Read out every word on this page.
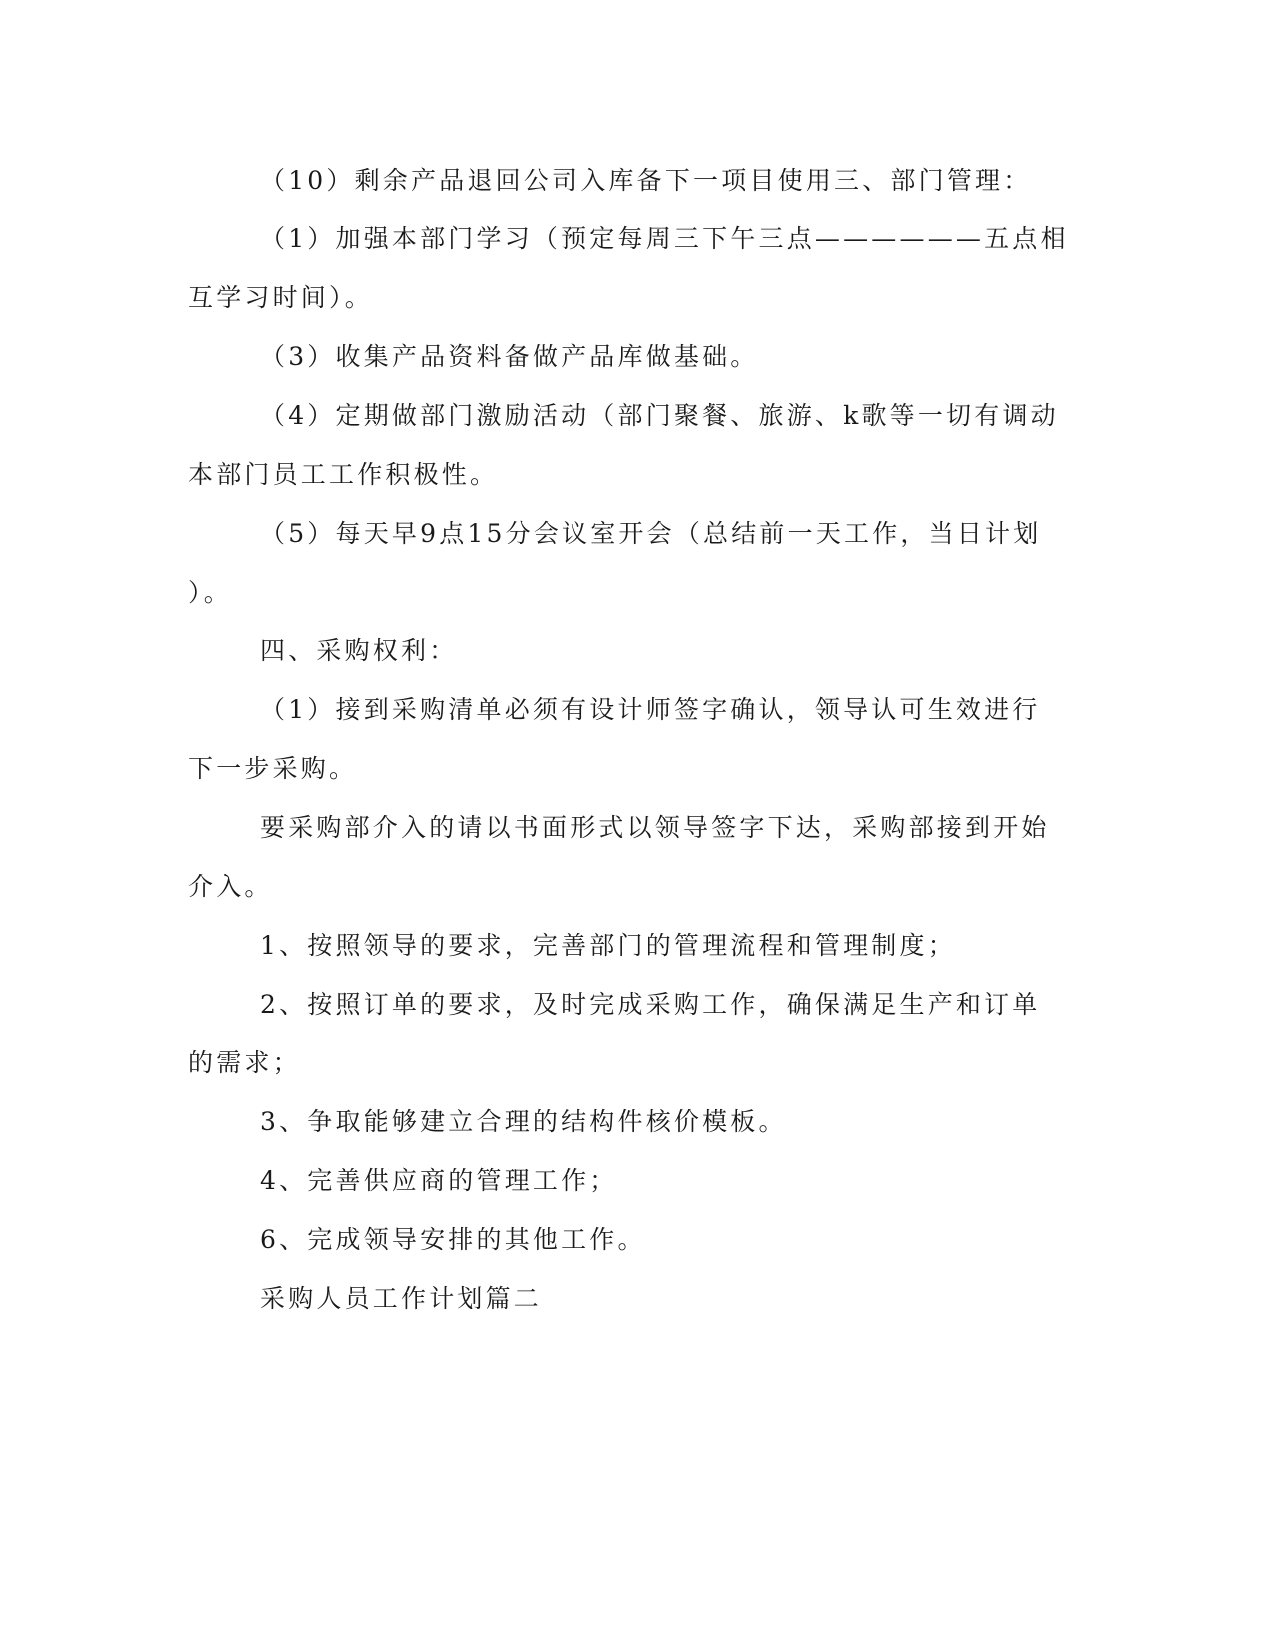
（10）剩余产品退回公司入库备下一项目使用三、部门管理：
（1）加强本部门学习（预定每周三下午三点——————五点相
互学习时间）。
（3）收集产品资料备做产品库做基础。
（4）定期做部门激励活动（部门聚餐、旅游、k歌等一切有调动
本部门员工工作积极性。
（5）每天早9点15分会议室开会（总结前一天工作，当日计划
）。
四、采购权利：
（1）接到采购清单必须有设计师签字确认，领导认可生效进行
下一步采购。
要采购部介入的请以书面形式以领导签字下达，采购部接到开始
介入。
1、按照领导的要求，完善部门的管理流程和管理制度；
2、按照订单的要求，及时完成采购工作，确保满足生产和订单
的需求；
3、争取能够建立合理的结构件核价模板。
4、完善供应商的管理工作；
6、完成领导安排的其他工作。
采购人员工作计划篇二
